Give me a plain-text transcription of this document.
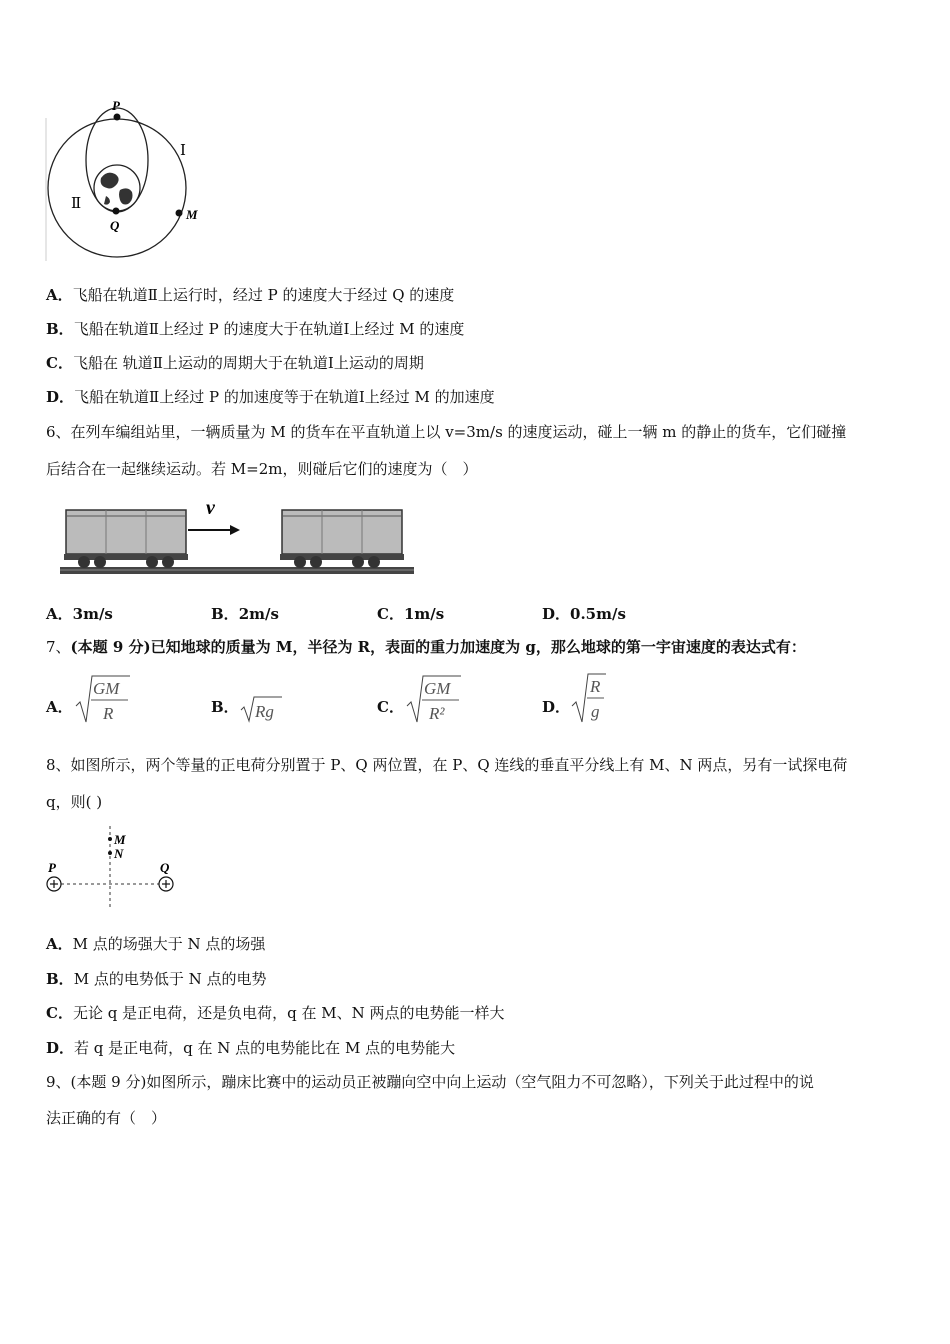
P
Q
M
Ⅰ
Ⅱ
A．飞船在轨道Ⅱ上运行时，经过 P 的速度大于经过 Q 的速度
B．飞船在轨道Ⅱ上经过 P 的速度大于在轨道Ⅰ上经过 M 的速度
C．飞船在 轨道Ⅱ上运动的周期大于在轨道Ⅰ上运动的周期
D．飞船在轨道Ⅱ上经过 P 的加速度等于在轨道Ⅰ上经过 M 的加速度
6、在列车编组站里，一辆质量为 M 的货车在平直轨道上以 v=3m/s 的速度运动，碰上一辆 m 的静止的货车，它们碰撞
后结合在一起继续运动。若 M=2m，则碰后它们的速度为（　）
v
A．3m/s	B．2m/s	C．1m/s	D．0.5m/s
7、(本题 9 分)已知地球的质量为 M，半径为 R，表面的重力加速度为 g，那么地球的第一宇宙速度的表达式有：
A．
GM
R	B． Rg	C．
GM
R²	D．
R
g
8、如图所示，两个等量的正电荷分别置于 P、Q 两位置，在 P、Q 连线的垂直平分线上有 M、N 两点，另有一试探电荷
q，则( )
M
N
P	Q
A．M 点的场强大于 N 点的场强
B．M 点的电势低于 N 点的电势
C．无论 q 是正电荷，还是负电荷，q 在 M、N 两点的电势能一样大
D．若 q 是正电荷，q 在 N 点的电势能比在 M 点的电势能大
9、(本题 9 分)如图所示，蹦床比赛中的运动员正被蹦向空中向上运动（空气阻力不可忽略），下列关于此过程中的说
法正确的有（　）
